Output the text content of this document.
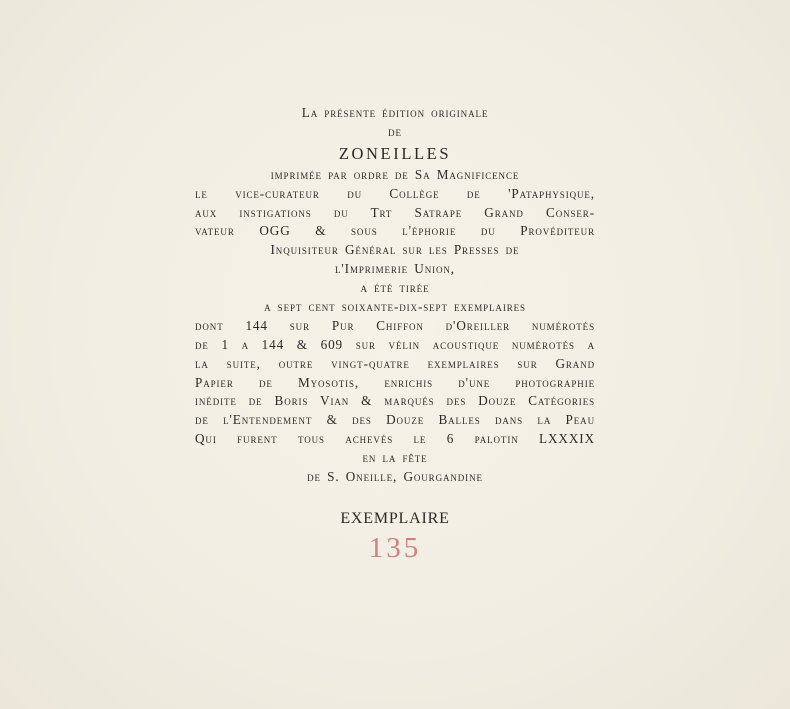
La présente édition originale
de
ZONEILLES
imprimée par ordre de Sa Magnificence
le vice-curateur du Collège de 'Pataphysique,
aux instigations du Trt Satrape Grand Conser-
vateur OGG & sous l'éphorie du Provéditeur
Inquisiteur Général sur les Presses de
l'Imprimerie Union,
a été tirée
a sept cent soixante-dix-sept exemplaires
dont 144 sur Pur Chiffon d'Oreiller numérotés
de 1 a 144 & 609 sur vélin acoustique numérotés a
la suite, outre vingt-quatre exemplaires sur Grand
Papier de Myosotis, enrichis d'une photographie
inédite de Boris Vian & marqués des Douze Catégories
de l'Entendement & des Douze Balles dans la Peau
Qui furent tous achevés le 6 palotin LXXXIX
en la fête
de S. Oneille, Gourgandine
EXEMPLAIRE
135
